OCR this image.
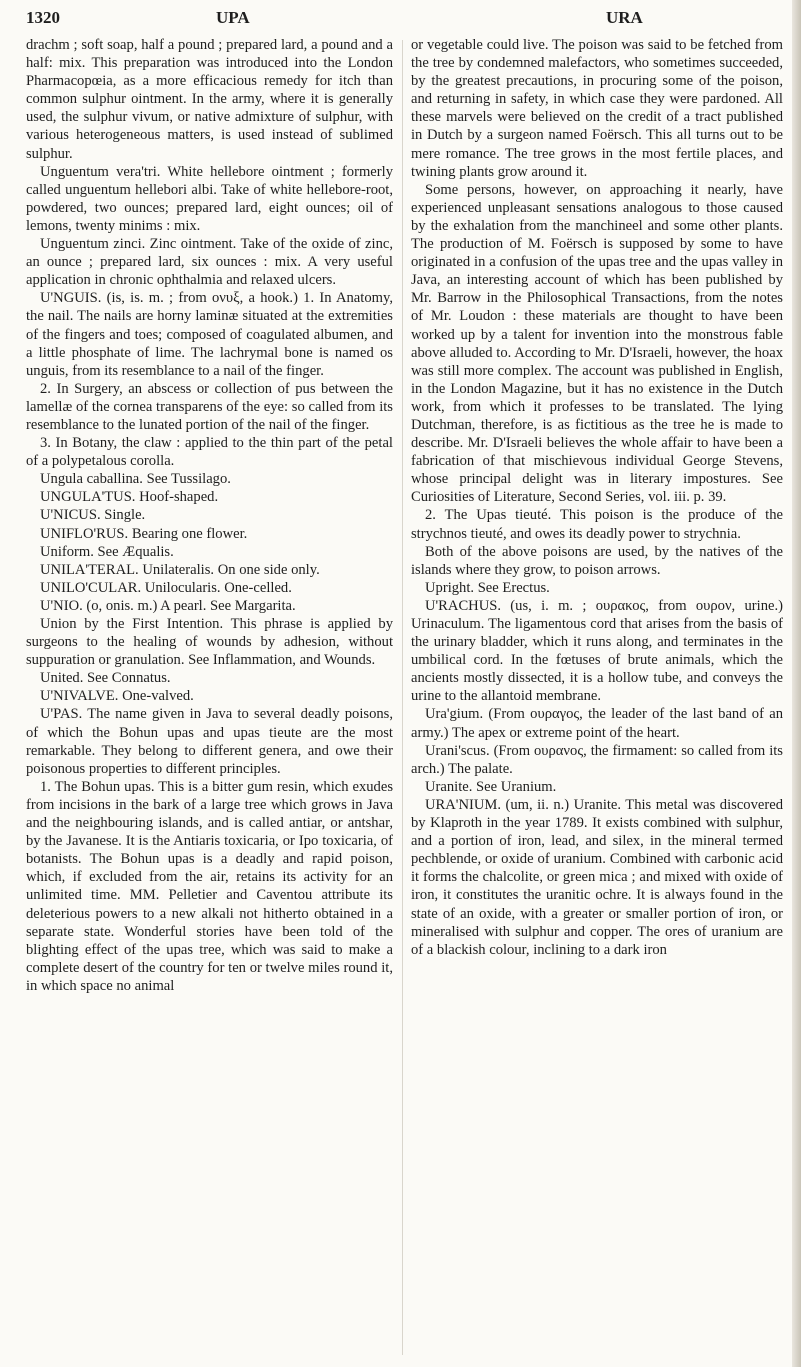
1320	UPA	URA

drachm ; soft soap, half a pound ; prepared lard, a pound and a half: mix. This preparation was introduced into the London Pharmacopœia, as a more efficacious remedy for itch than common sulphur ointment. In the army, where it is generally used, the sulphur vivum, or native admixture of sulphur, with various heterogeneous matters, is used instead of sublimed sulphur.

Unguentum vera'tri. White hellebore ointment ; formerly called unguentum hellebori albi. Take of white hellebore-root, powdered, two ounces; prepared lard, eight ounces; oil of lemons, twenty minims : mix.

Unguentum zinci. Zinc ointment. Take of the oxide of zinc, an ounce ; prepared lard, six ounces : mix. A very useful application in chronic ophthalmia and relaxed ulcers.

U'NGUIS. (is, is. m. ; from ονυξ, a hook.) 1. In Anatomy, the nail. The nails are horny laminæ situated at the extremities of the fingers and toes; composed of coagulated albumen, and a little phosphate of lime. The lachrymal bone is named os unguis, from its resemblance to a nail of the finger.

2. In Surgery, an abscess or collection of pus between the lamellæ of the cornea transparens of the eye: so called from its resemblance to the lunated portion of the nail of the finger.

3. In Botany, the claw : applied to the thin part of the petal of a polypetalous corolla.

Ungula caballina. See Tussilago.

UNGULA'TUS. Hoof-shaped.

U'NICUS. Single.

UNIFLO'RUS. Bearing one flower.

Uniform. See Æqualis.

UNILA'TERAL. Unilateralis. On one side only.

UNILO'CULAR. Unilocularis. One-celled.

U'NIO. (o, onis. m.) A pearl. See Margarita.

Union by the First Intention. This phrase is applied by surgeons to the healing of wounds by adhesion, without suppuration or granulation. See Inflammation, and Wounds.

United. See Connatus.

U'NIVALVE. One-valved.

U'PAS. The name given in Java to several deadly poisons, of which the Bohun upas and upas tieute are the most remarkable. They belong to different genera, and owe their poisonous properties to different principles.

1. The Bohun upas. This is a bitter gum resin, which exudes from incisions in the bark of a large tree which grows in Java and the neighbouring islands, and is called antiar, or antshar, by the Javanese. It is the Antiaris toxicaria, or Ipo toxicaria, of botanists. The Bohun upas is a deadly and rapid poison, which, if excluded from the air, retains its activity for an unlimited time. MM. Pelletier and Caventou attribute its deleterious powers to a new alkali not hitherto obtained in a separate state. Wonderful stories have been told of the blighting effect of the upas tree, which was said to make a complete desert of the country for ten or twelve miles round it, in which space no animal

or vegetable could live. The poison was said to be fetched from the tree by condemned malefactors, who sometimes succeeded, by the greatest precautions, in procuring some of the poison, and returning in safety, in which case they were pardoned. All these marvels were believed on the credit of a tract published in Dutch by a surgeon named Foërsch. This all turns out to be mere romance. The tree grows in the most fertile places, and twining plants grow around it.

Some persons, however, on approaching it nearly, have experienced unpleasant sensations analogous to those caused by the exhalation from the manchineel and some other plants. The production of M. Foërsch is supposed by some to have originated in a confusion of the upas tree and the upas valley in Java, an interesting account of which has been published by Mr. Barrow in the Philosophical Transactions, from the notes of Mr. Loudon : these materials are thought to have been worked up by a talent for invention into the monstrous fable above alluded to. According to Mr. D'Israeli, however, the hoax was still more complex. The account was published in English, in the London Magazine, but it has no existence in the Dutch work, from which it professes to be translated. The lying Dutchman, therefore, is as fictitious as the tree he is made to describe. Mr. D'Israeli believes the whole affair to have been a fabrication of that mischievous individual George Stevens, whose principal delight was in literary impostures. See Curiosities of Literature, Second Series, vol. iii. p. 39.

2. The Upas tieuté. This poison is the produce of the strychnos tieuté, and owes its deadly power to strychnia.

Both of the above poisons are used, by the natives of the islands where they grow, to poison arrows.

Upright. See Erectus.

U'RACHUS. (us, i. m. ; ουρακος, from ουρον, urine.) Urinaculum. The ligamentous cord that arises from the basis of the urinary bladder, which it runs along, and terminates in the umbilical cord. In the fœtuses of brute animals, which the ancients mostly dissected, it is a hollow tube, and conveys the urine to the allantoid membrane.

Ura'gium. (From ουραγος, the leader of the last band of an army.) The apex or extreme point of the heart.

Urani'scus. (From ουρανος, the firmament: so called from its arch.) The palate.

Uranite. See Uranium.

URA'NIUM. (um, ii. n.) Uranite. This metal was discovered by Klaproth in the year 1789. It exists combined with sulphur, and a portion of iron, lead, and silex, in the mineral termed pechblende, or oxide of uranium. Combined with carbonic acid it forms the chalcolite, or green mica ; and mixed with oxide of iron, it constitutes the uranitic ochre. It is always found in the state of an oxide, with a greater or smaller portion of iron, or mineralised with sulphur and copper. The ores of uranium are of a blackish colour, inclining to a dark iron
